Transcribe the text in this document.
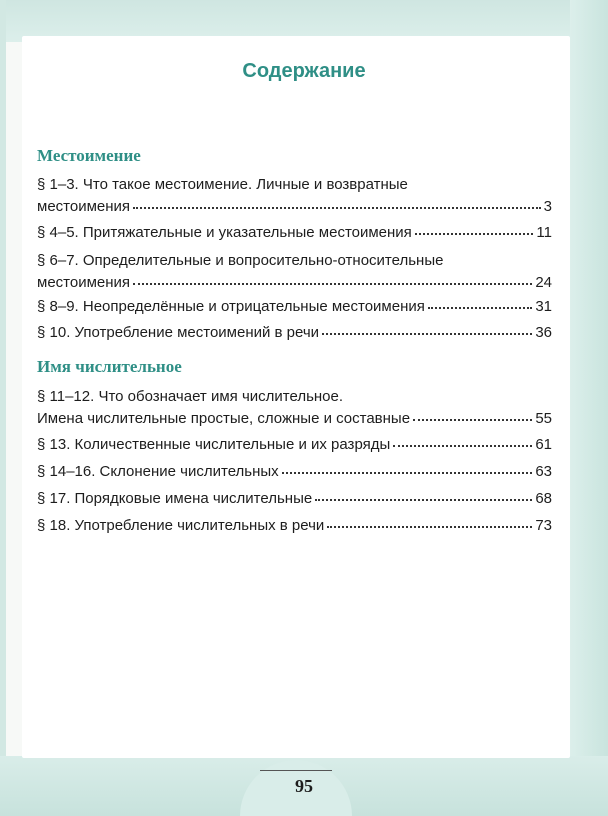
Содержание
Местоимение
§ 1–3. Что такое местоимение. Личные и возвратные
местоимения	3
§ 4–5. Притяжательные и указательные местоимения	11
§ 6–7. Определительные и вопросительно-относительные
местоимения	24
§ 8–9. Неопределённые и отрицательные местоимения	31
§ 10. Употребление местоимений в речи	36
Имя числительное
§ 11–12. Что обозначает имя числительное.
Имена числительные простые, сложные и составные	55
§ 13. Количественные числительные и их разряды	61
§ 14–16. Склонение числительных	63
§ 17. Порядковые имена числительные	68
§ 18. Употребление числительных в речи	73
95
